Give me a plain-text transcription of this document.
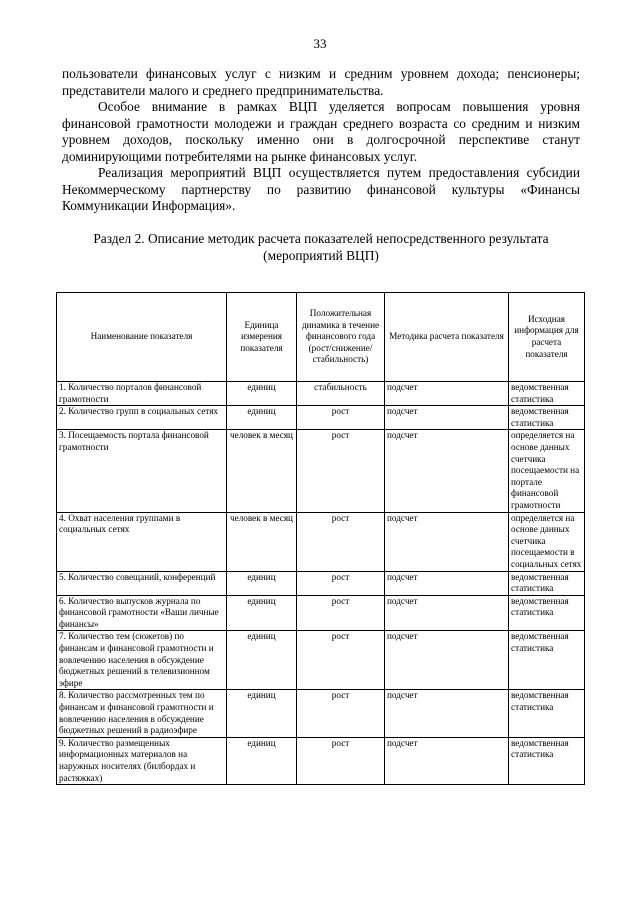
33

пользователи финансовых услуг с низким и средним уровнем дохода; пенсионеры; представители малого и среднего предпринимательства.

Особое внимание в рамках ВЦП уделяется вопросам повышения уровня финансовой грамотности молодежи и граждан среднего возраста со средним и низким уровнем доходов, поскольку именно они в долгосрочной перспективе станут доминирующими потребителями на рынке финансовых услуг.

Реализация мероприятий ВЦП осуществляется путем предоставления субсидии Некоммерческому партнерству по развитию финансовой культуры «Финансы Коммуникации Информация».

Раздел 2. Описание методик расчета показателей непосредственного результата
(мероприятий ВЦП)
Наименование показателя	Единица измерения показателя	Положительная динамика в течение финансового года (рост/снижение/ стабильность)	Методика расчета показателя	Исходная информация для расчета показателя
1. Количество порталов финансовой грамотности	единиц	стабильность	подсчет	ведомственная статистика
2. Количество групп в социальных сетях	единиц	рост	подсчет	ведомственная статистика
3. Посещаемость портала финансовой грамотности	человек в месяц	рост	подсчет	определяется на основе данных счетчика посещаемости на портале финансовой грамотности
4. Охват населения группами в социальных сетях	человек в месяц	рост	подсчет	определяется на основе данных счетчика посещаемости в социальных сетях
5. Количество совещаний, конференций	единиц	рост	подсчет	ведомственная статистика
6. Количество выпусков журнала по финансовой грамотности «Ваши личные финансы»	единиц	рост	подсчет	ведомственная статистика
7. Количество тем (сюжетов) по финансам и финансовой грамотности и вовлечению населения в обсуждение бюджетных решений в телевизионном эфире	единиц	рост	подсчет	ведомственная статистика
8. Количество рассмотренных тем по финансам и финансовой грамотности и вовлечению населения в обсуждение бюджетных решений в радиоэфире	единиц	рост	подсчет	ведомственная статистика
9. Количество размещенных информационных материалов на наружных носителях (билбордах и растяжках)	единиц	рост	подсчет	ведомственная статистика
